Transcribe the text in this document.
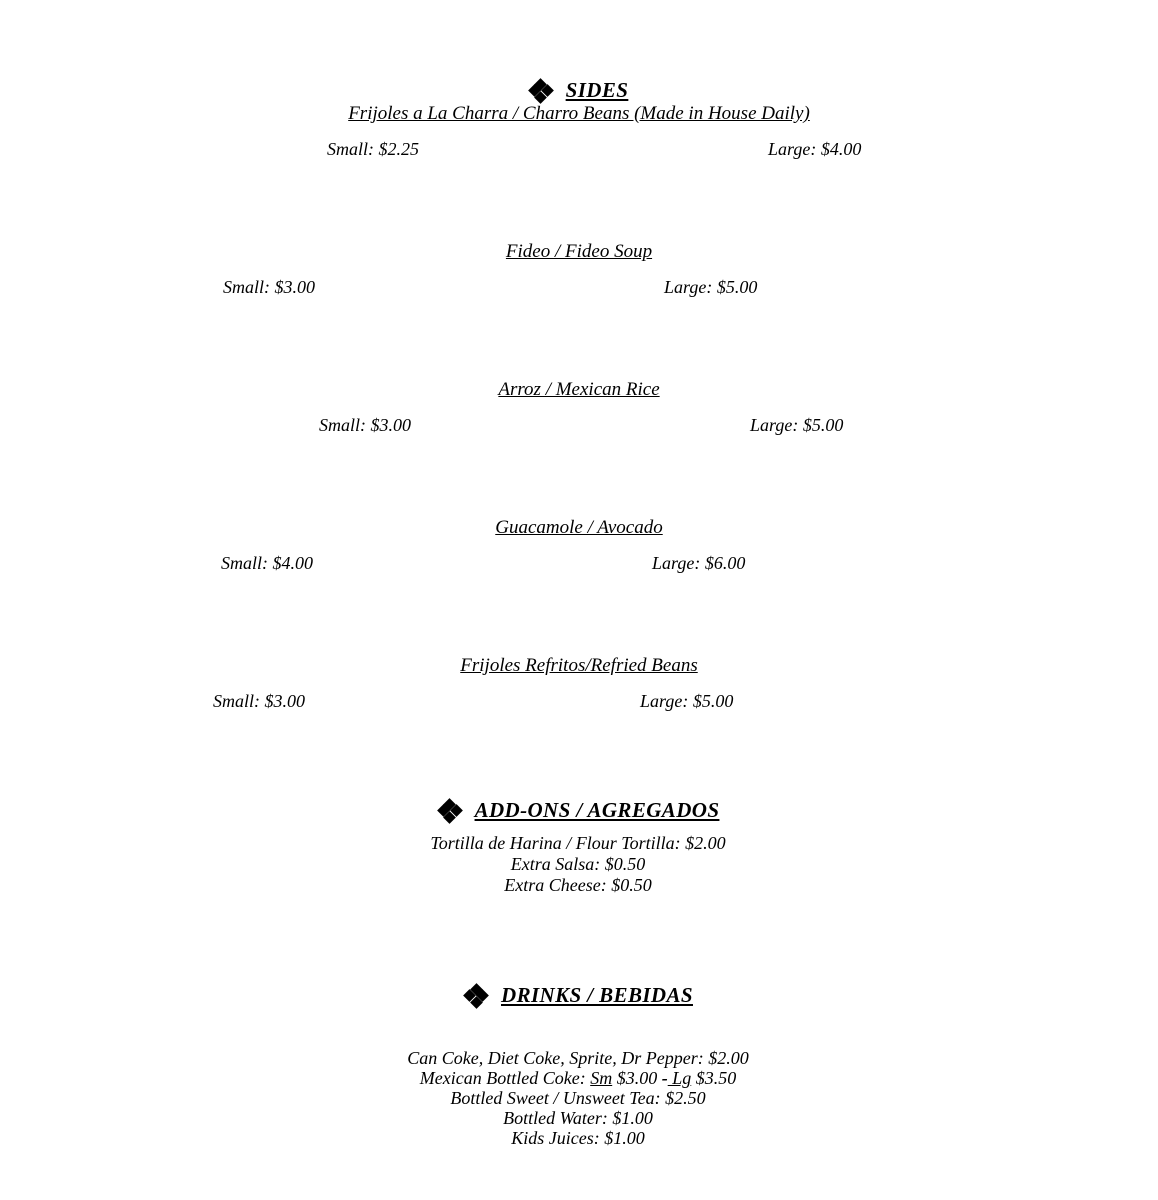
SIDES
Frijoles a La Charra / Charro Beans (Made in House Daily)
Small: $2.25	Large: $4.00
Fideo / Fideo Soup
Small: $3.00	Large: $5.00
Arroz / Mexican Rice
Small: $3.00	Large: $5.00
Guacamole / Avocado
Small: $4.00	Large: $6.00
Frijoles Refritos/Refried Beans
Small: $3.00	Large: $5.00
ADD-ONS / AGREGADOS
Tortilla de Harina / Flour Tortilla: $2.00
Extra Salsa: $0.50
Extra Cheese: $0.50
DRINKS / BEBIDAS
Can Coke, Diet Coke, Sprite, Dr Pepper: $2.00
Mexican Bottled Coke: Sm $3.00 - Lg $3.50
Bottled Sweet / Unsweet Tea: $2.50
Bottled Water: $1.00
Kids Juices: $1.00
